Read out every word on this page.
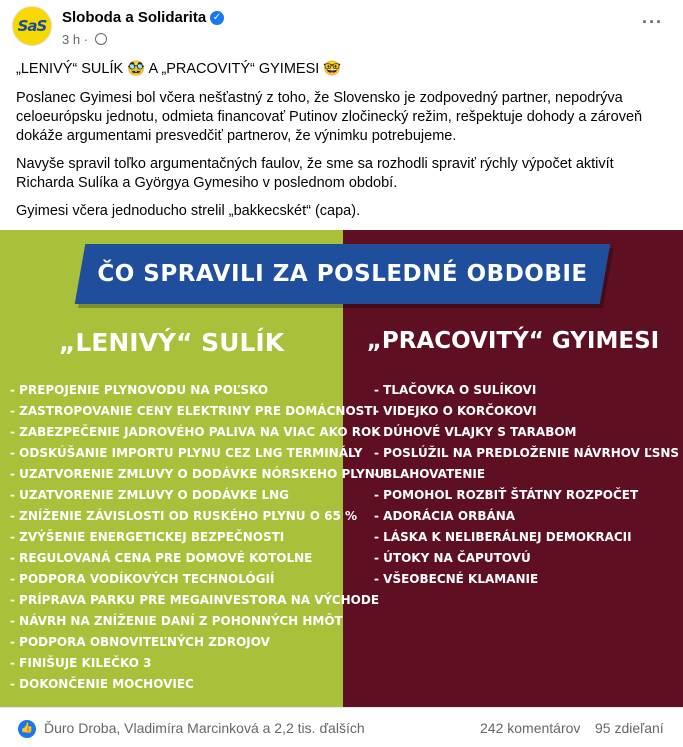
SaS Sloboda a Solidarita ✓
3 h ·
···

„LENIVÝ“ SULÍK 🥸 A „PRACOVITÝ“ GYIMESI 🤓

Poslanec Gyimesi bol včera nešťastný z toho, že Slovensko je zodpovedný partner, nepodrýva celoeurópsku jednotu, odmieta financovať Putinov zločinecký režim, rešpektuje dohody a zároveň dokáže argumentami presvedčiť partnerov, že výnimku potrebujeme.

Navyše spravil toľko argumentačných faulov, že sme sa rozhodli spraviť rýchly výpočet aktivít Richarda Sulíka a Györgya Gymesiho v poslednom období.

Gyimesi včera jednoducho strelil „bakkecskét“ (capa).

ČO SPRAVILI ZA POSLEDNÉ OBDOBIE
„LENIVÝ“ SULÍK	„PRACOVITÝ“ GYIMESI
- PREPOJENIE PLYNOVODU NA POĽSKO
- ZASTROPOVANIE CENY ELEKTRINY PRE DOMÁCNOSTI
- ZABEZPEČENIE JADROVÉHO PALIVA NA VIAC AKO ROK
- ODSKÚŠANIE IMPORTU PLYNU CEZ LNG TERMINÁLY
- UZATVORENIE ZMLUVY O DODÁVKE NÓRSKEHO PLYNU
- UZATVORENIE ZMLUVY O DODÁVKE LNG
- ZNÍŽENIE ZÁVISLOSTI OD RUSKÉHO PLYNU O 65 %
- ZVÝŠENIE ENERGETICKEJ BEZPEČNOSTI
- REGULOVANÁ CENA PRE DOMOVÉ KOTOLNE
- PODPORA VODÍKOVÝCH TECHNOLÓGIÍ
- PRÍPRAVA PARKU PRE MEGAINVESTORA NA VÝCHODE
- NÁVRH NA ZNÍŽENIE DANÍ Z POHONNÝCH HMÔT
- PODPORA OBNOVITEĽNÝCH ZDROJOV
- FINIŠUJE KILEČKO 3
- DOKONČENIE MOCHOVIEC
- TLAČOVKA O SULÍKOVI
- VIDEJKO O KORČOKOVI
- DÚHOVÉ VLAJKY S TARABOM
- POSLÚŽIL NA PREDLOŽENIE NÁVRHOV ĽSNS
- BLAHOVATENIE
- POMOHOL ROZBIŤ ŠTÁTNY ROZPOČET
- ADORÁCIA ORBÁNA
- LÁSKA K NELIBERÁLNEJ DEMOKRACII
- ÚTOKY NA ČAPUTOVÚ
- VŠEOBECNÉ KLAMANIE
👍 Ďuro Droba, Vladimíra Marcinková a 2,2 tis. ďalších	242 komentárov 95 zdieľaní
